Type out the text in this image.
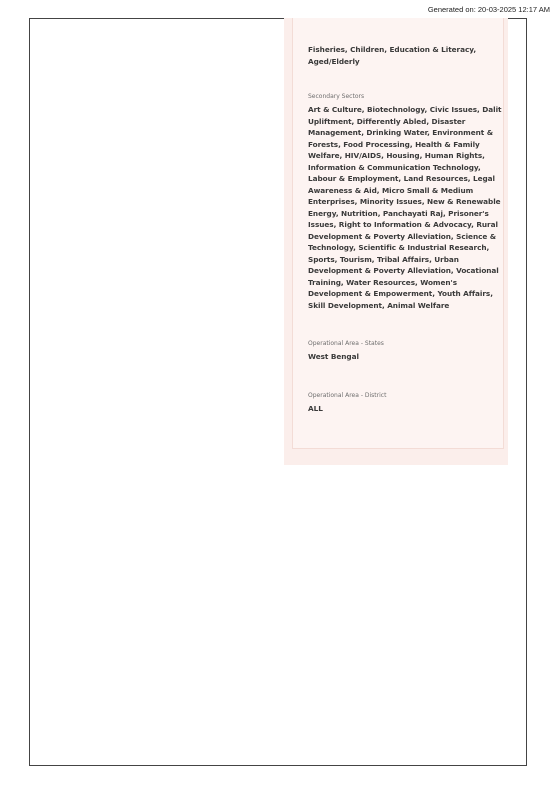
Generated on: 20-03-2025 12:17 AM

Fisheries, Children, Education & Literacy, Aged/Elderly

Secondary Sectors

Art & Culture, Biotechnology, Civic Issues, Dalit Upliftment, Differently Abled, Disaster Management, Drinking Water, Environment & Forests, Food Processing, Health & Family Welfare, HIV/AIDS, Housing, Human Rights, Information & Communication Technology, Labour & Employment, Land Resources, Legal Awareness & Aid, Micro Small & Medium Enterprises, Minority Issues, New & Renewable Energy, Nutrition, Panchayati Raj, Prisoner's Issues, Right to Information & Advocacy, Rural Development & Poverty Alleviation, Science & Technology, Scientific & Industrial Research, Sports, Tourism, Tribal Affairs, Urban Development & Poverty Alleviation, Vocational Training, Water Resources, Women's Development & Empowerment, Youth Affairs, Skill Development, Animal Welfare

Operational Area - States

West Bengal

Operational Area - District

ALL
